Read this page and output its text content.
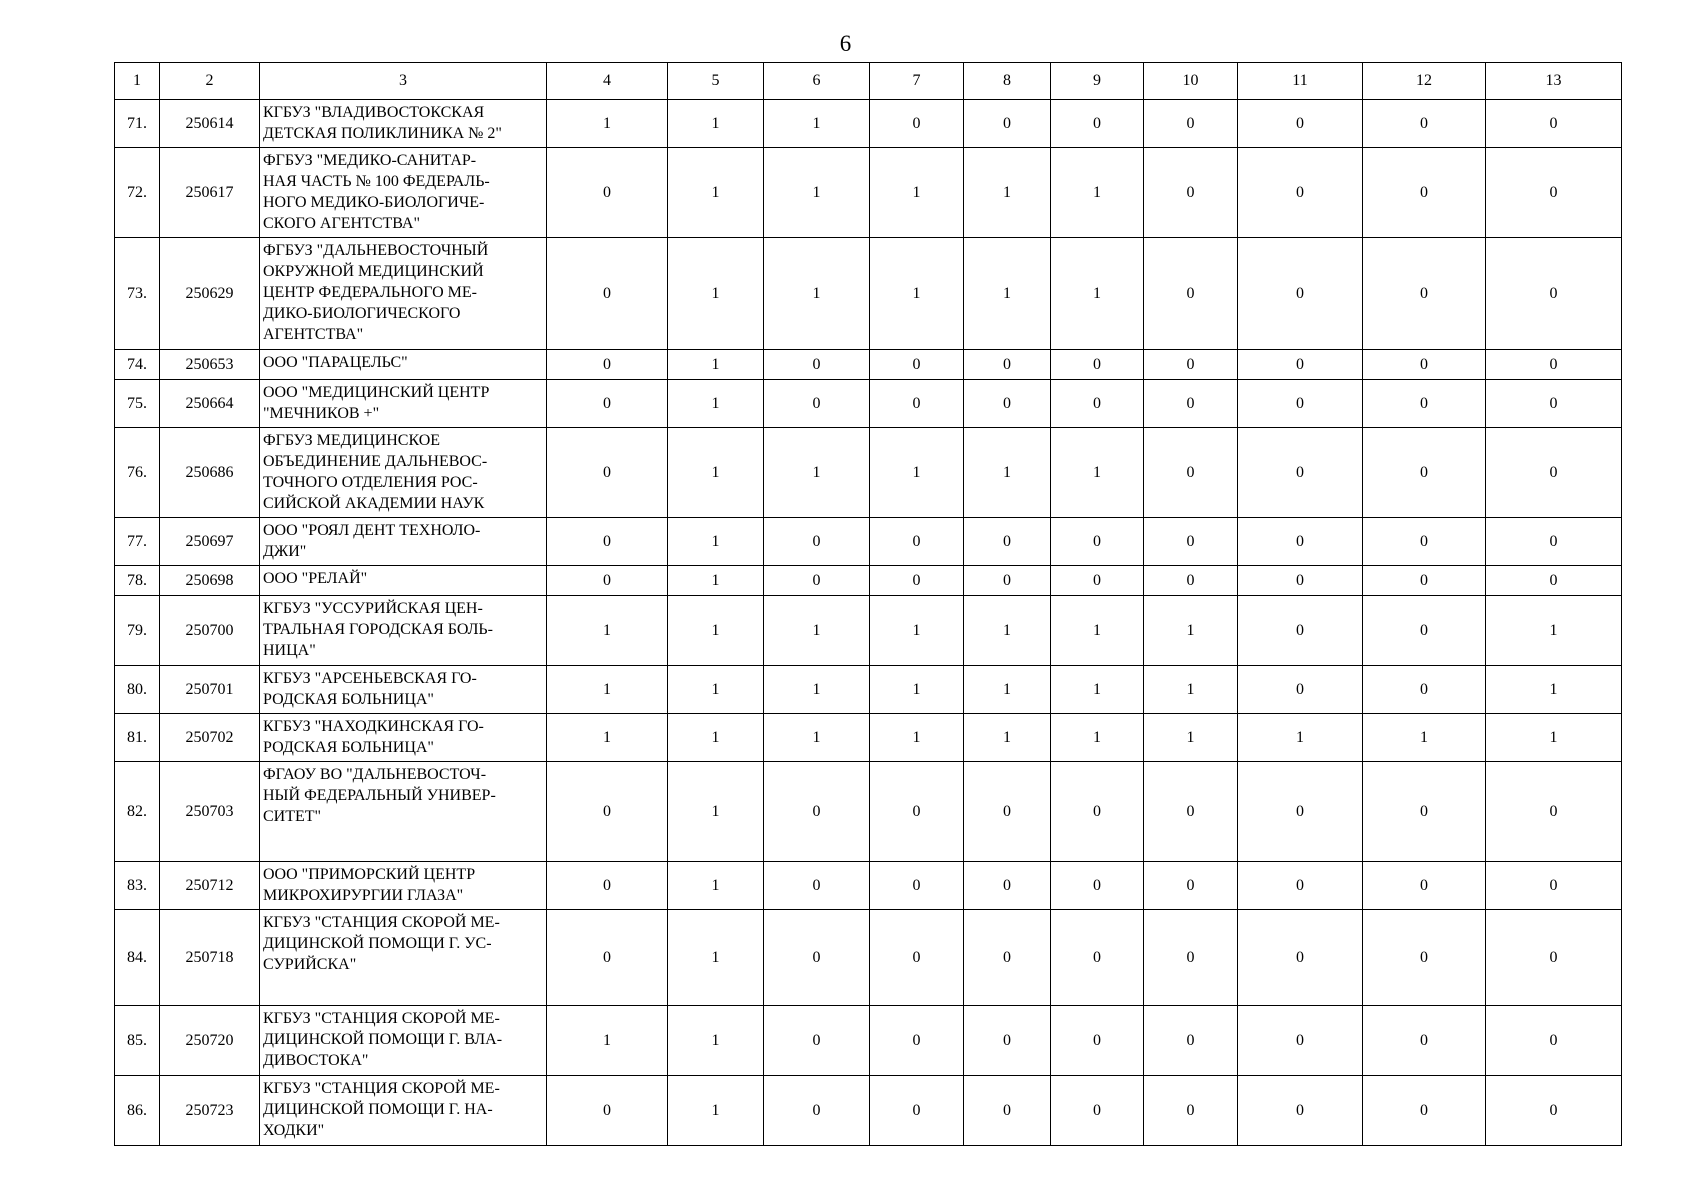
6
1	2	3	4	5	6	7	8	9	10	11	12	13
71.	250614	КГБУЗ "ВЛАДИВОСТОКСКАЯ
ДЕТСКАЯ ПОЛИКЛИНИКА № 2"	1	1	1	0	0	0	0	0	0	0
72.	250617	ФГБУЗ "МЕДИКО-САНИТАР-
НАЯ ЧАСТЬ № 100 ФЕДЕРАЛЬ-
НОГО МЕДИКО-БИОЛОГИЧЕ-
СКОГО АГЕНТСТВА"	0	1	1	1	1	1	0	0	0	0
73.	250629	ФГБУЗ "ДАЛЬНЕВОСТОЧНЫЙ
ОКРУЖНОЙ МЕДИЦИНСКИЙ
ЦЕНТР ФЕДЕРАЛЬНОГО МЕ-
ДИКО-БИОЛОГИЧЕСКОГО
АГЕНТСТВА"	0	1	1	1	1	1	0	0	0	0
74.	250653	ООО "ПАРАЦЕЛЬС"	0	1	0	0	0	0	0	0	0	0
75.	250664	ООО "МЕДИЦИНСКИЙ ЦЕНТР
"МЕЧНИКОВ +"	0	1	0	0	0	0	0	0	0	0
76.	250686	ФГБУЗ МЕДИЦИНСКОЕ
ОБЪЕДИНЕНИЕ ДАЛЬНЕВОС-
ТОЧНОГО ОТДЕЛЕНИЯ РОС-
СИЙСКОЙ АКАДЕМИИ НАУК	0	1	1	1	1	1	0	0	0	0
77.	250697	ООО "РОЯЛ ДЕНТ ТЕХНОЛО-
ДЖИ"	0	1	0	0	0	0	0	0	0	0
78.	250698	ООО "РЕЛАЙ"	0	1	0	0	0	0	0	0	0	0
79.	250700	КГБУЗ "УССУРИЙСКАЯ ЦЕН-
ТРАЛЬНАЯ ГОРОДСКАЯ БОЛЬ-
НИЦА"	1	1	1	1	1	1	1	0	0	1
80.	250701	КГБУЗ "АРСЕНЬЕВСКАЯ ГО-
РОДСКАЯ БОЛЬНИЦА"	1	1	1	1	1	1	1	0	0	1
81.	250702	КГБУЗ "НАХОДКИНСКАЯ ГО-
РОДСКАЯ БОЛЬНИЦА"	1	1	1	1	1	1	1	1	1	1
82.	250703	ФГАОУ ВО "ДАЛЬНЕВОСТОЧ-
НЫЙ ФЕДЕРАЛЬНЫЙ УНИВЕР-
СИТЕТ"	0	1	0	0	0	0	0	0	0	0
83.	250712	ООО "ПРИМОРСКИЙ ЦЕНТР
МИКРОХИРУРГИИ ГЛАЗА"	0	1	0	0	0	0	0	0	0	0
84.	250718	КГБУЗ "СТАНЦИЯ СКОРОЙ МЕ-
ДИЦИНСКОЙ ПОМОЩИ Г. УС-
СУРИЙСКА"	0	1	0	0	0	0	0	0	0	0
85.	250720	КГБУЗ "СТАНЦИЯ СКОРОЙ МЕ-
ДИЦИНСКОЙ ПОМОЩИ Г. ВЛА-
ДИВОСТОКА"	1	1	0	0	0	0	0	0	0	0
86.	250723	КГБУЗ "СТАНЦИЯ СКОРОЙ МЕ-
ДИЦИНСКОЙ ПОМОЩИ Г. НА-
ХОДКИ"	0	1	0	0	0	0	0	0	0	0
